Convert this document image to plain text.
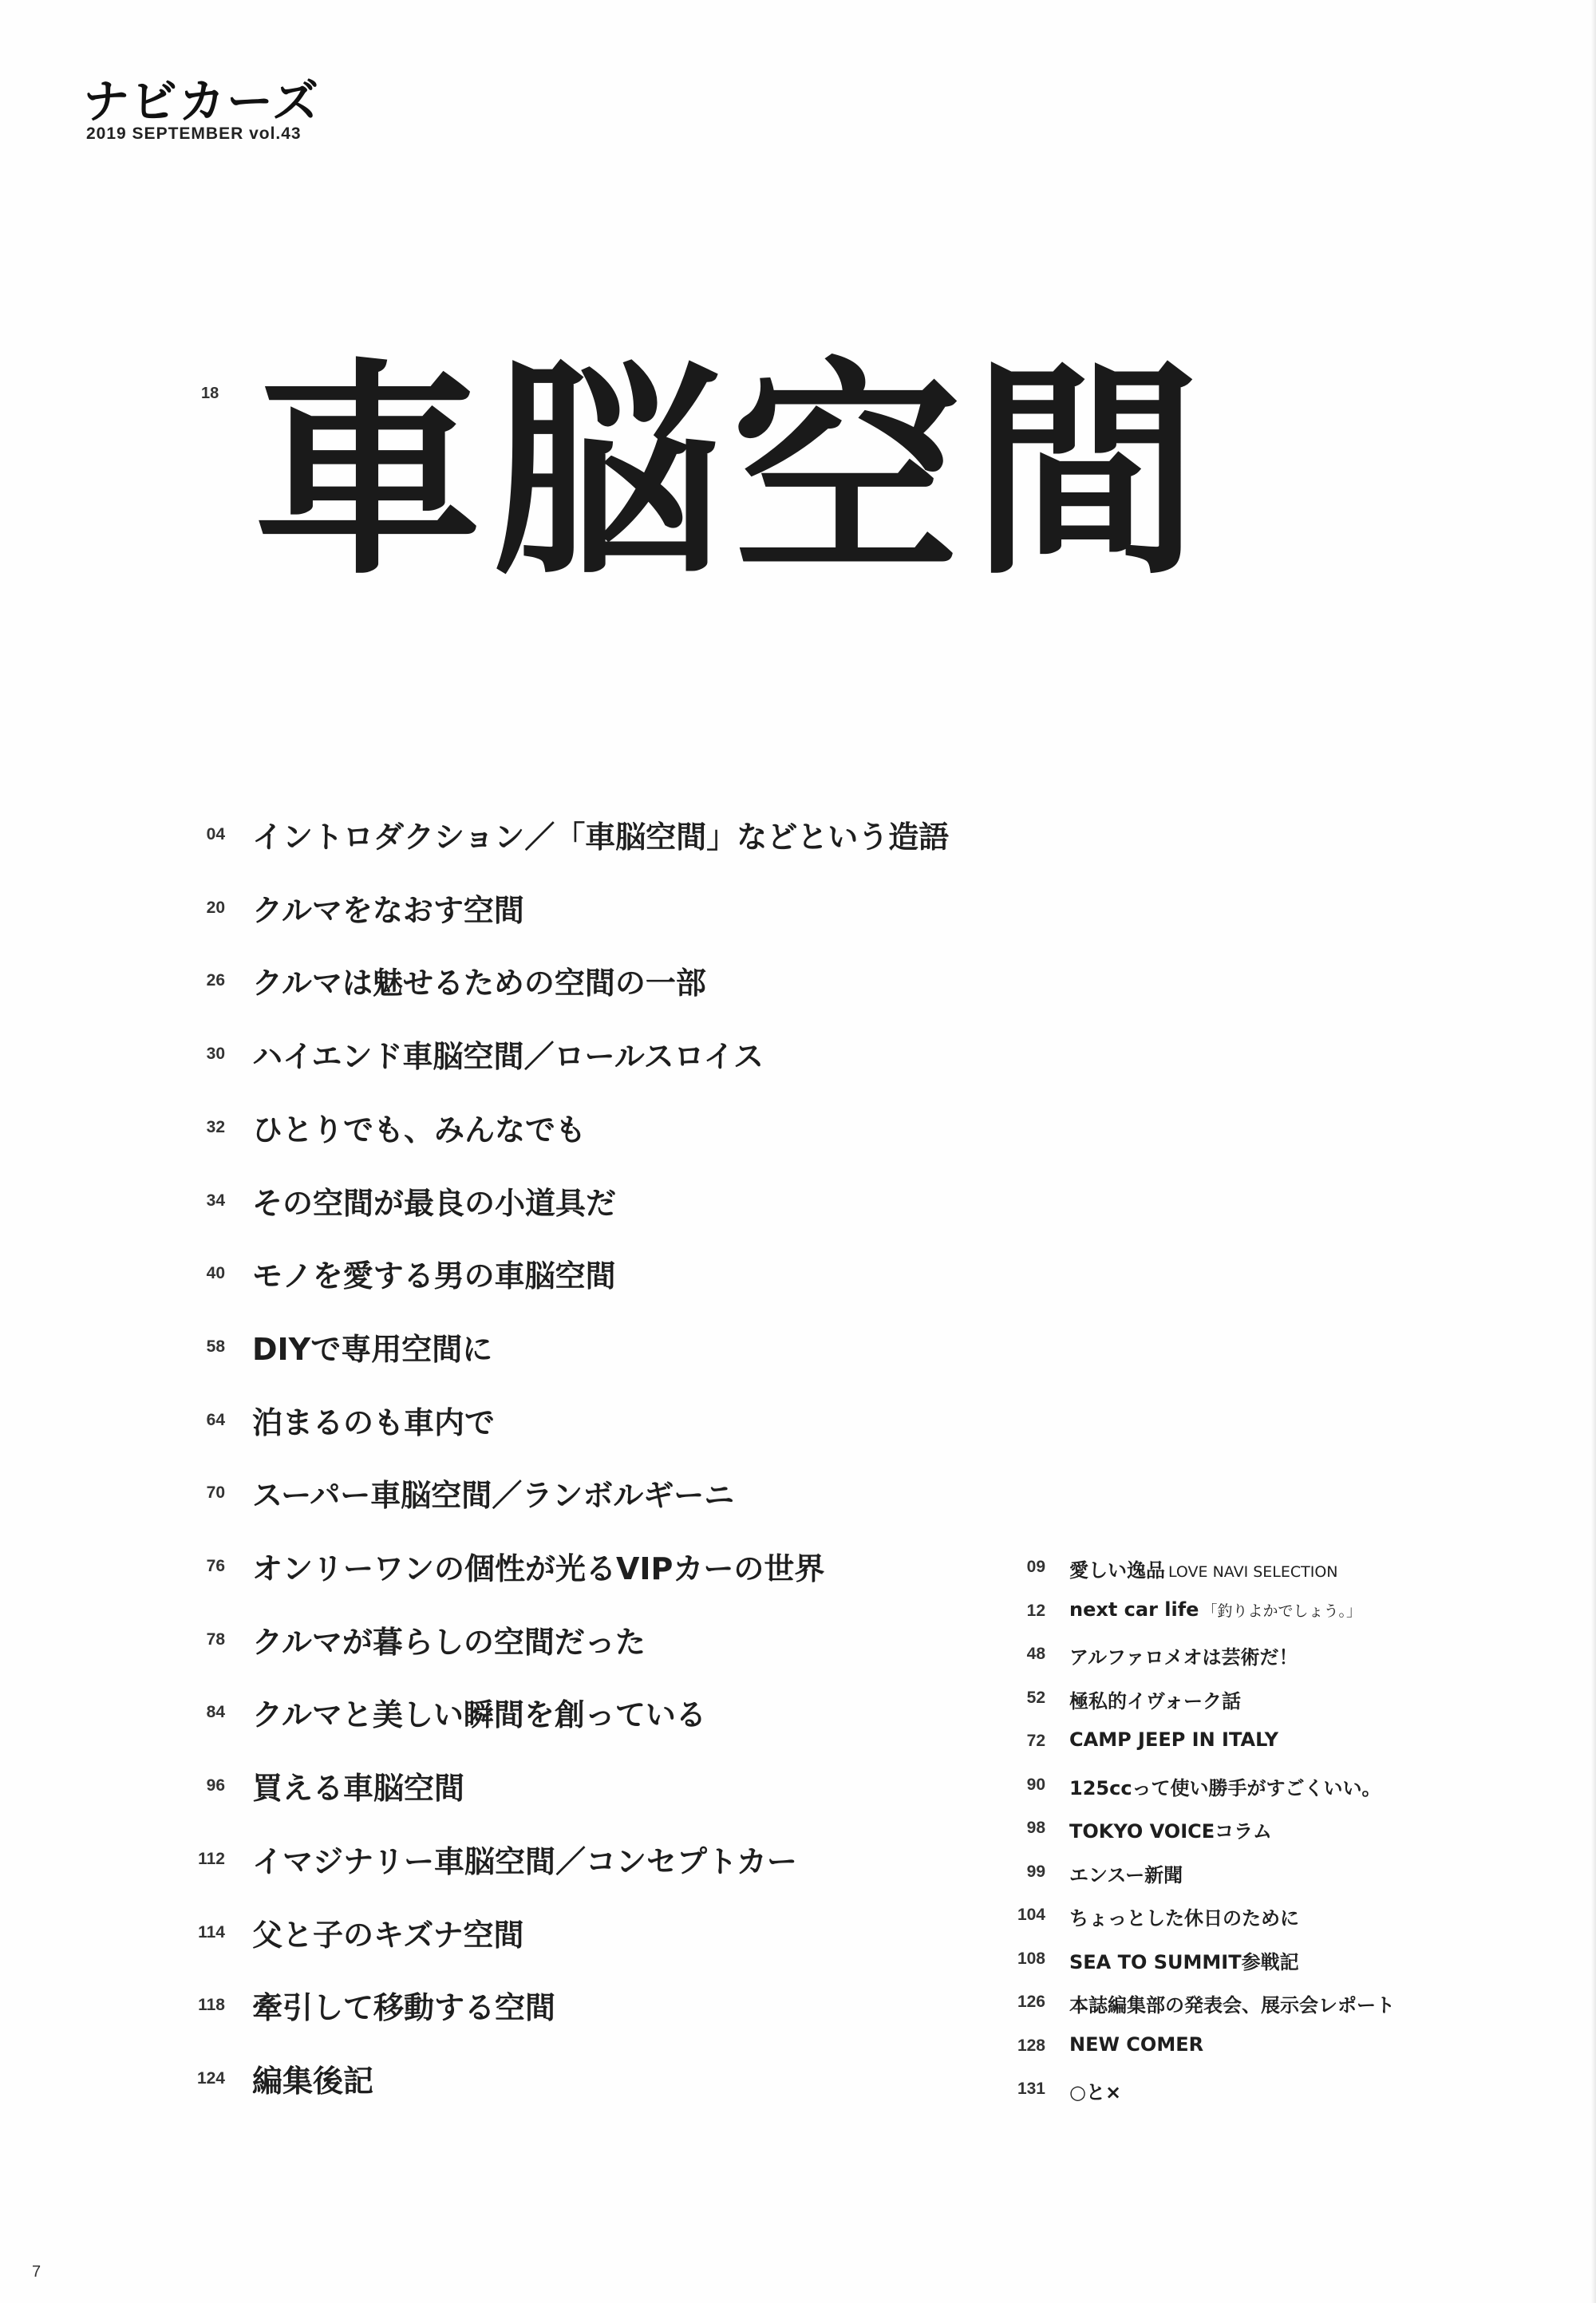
ナビカーズ
2019 SEPTEMBER vol.43
18 車脳空間
04 イントロダクション／「車脳空間」などという造語
20 クルマをなおす空間
26 クルマは魅せるための空間の一部
30 ハイエンド車脳空間／ロールスロイス
32 ひとりでも、みんなでも
34 その空間が最良の小道具だ
40 モノを愛する男の車脳空間
58 DIYで専用空間に
64 泊まるのも車内で
70 スーパー車脳空間／ランボルギーニ
76 オンリーワンの個性が光るVIPカーの世界
78 クルマが暮らしの空間だった
84 クルマと美しい瞬間を創っている
96 買える車脳空間
112 イマジナリー車脳空間／コンセプトカー
114 父と子のキズナ空間
118 牽引して移動する空間
124 編集後記
09 愛しい逸品 LOVE NAVI SELECTION
12 next car life 「釣りよかでしょう。」
48 アルファロメオは芸術だ！
52 極私的イヴォーク話
72 CAMP JEEP IN ITALY
90 125ccって使い勝手がすごくいい。
98 TOKYO VOICEコラム
99 エンスー新聞
104 ちょっとした休日のために
108 SEA TO SUMMIT参戦記
126 本誌編集部の発表会、展示会レポート
128 NEW COMER
131 ○と×
7
